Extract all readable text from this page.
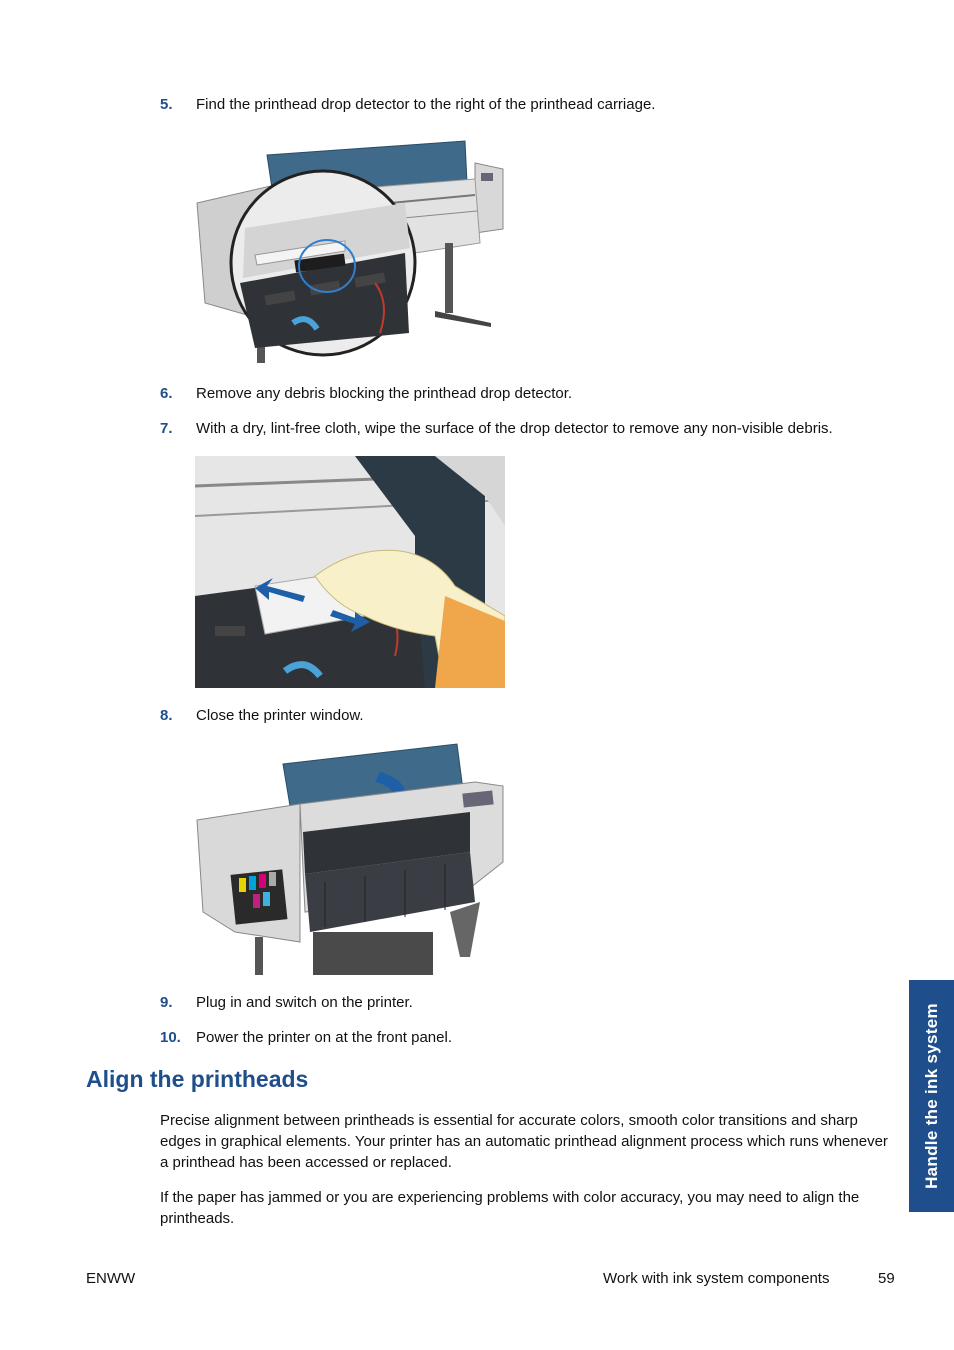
5.	Find the printhead drop detector to the right of the printhead carriage.
6.	Remove any debris blocking the printhead drop detector.
7.	With a dry, lint-free cloth, wipe the surface of the drop detector to remove any non-visible debris.
8.	Close the printer window.
9.	Plug in and switch on the printer.
10.	Power the printer on at the front panel.
Align the printheads

Precise alignment between printheads is essential for accurate colors, smooth color transitions and sharp edges in graphical elements. Your printer has an automatic printhead alignment process which runs whenever a printhead has been accessed or replaced.

If the paper has jammed or you are experiencing problems with color accuracy, you may need to align the printheads.

Handle the ink system
ENWW	Work with ink system components	59
